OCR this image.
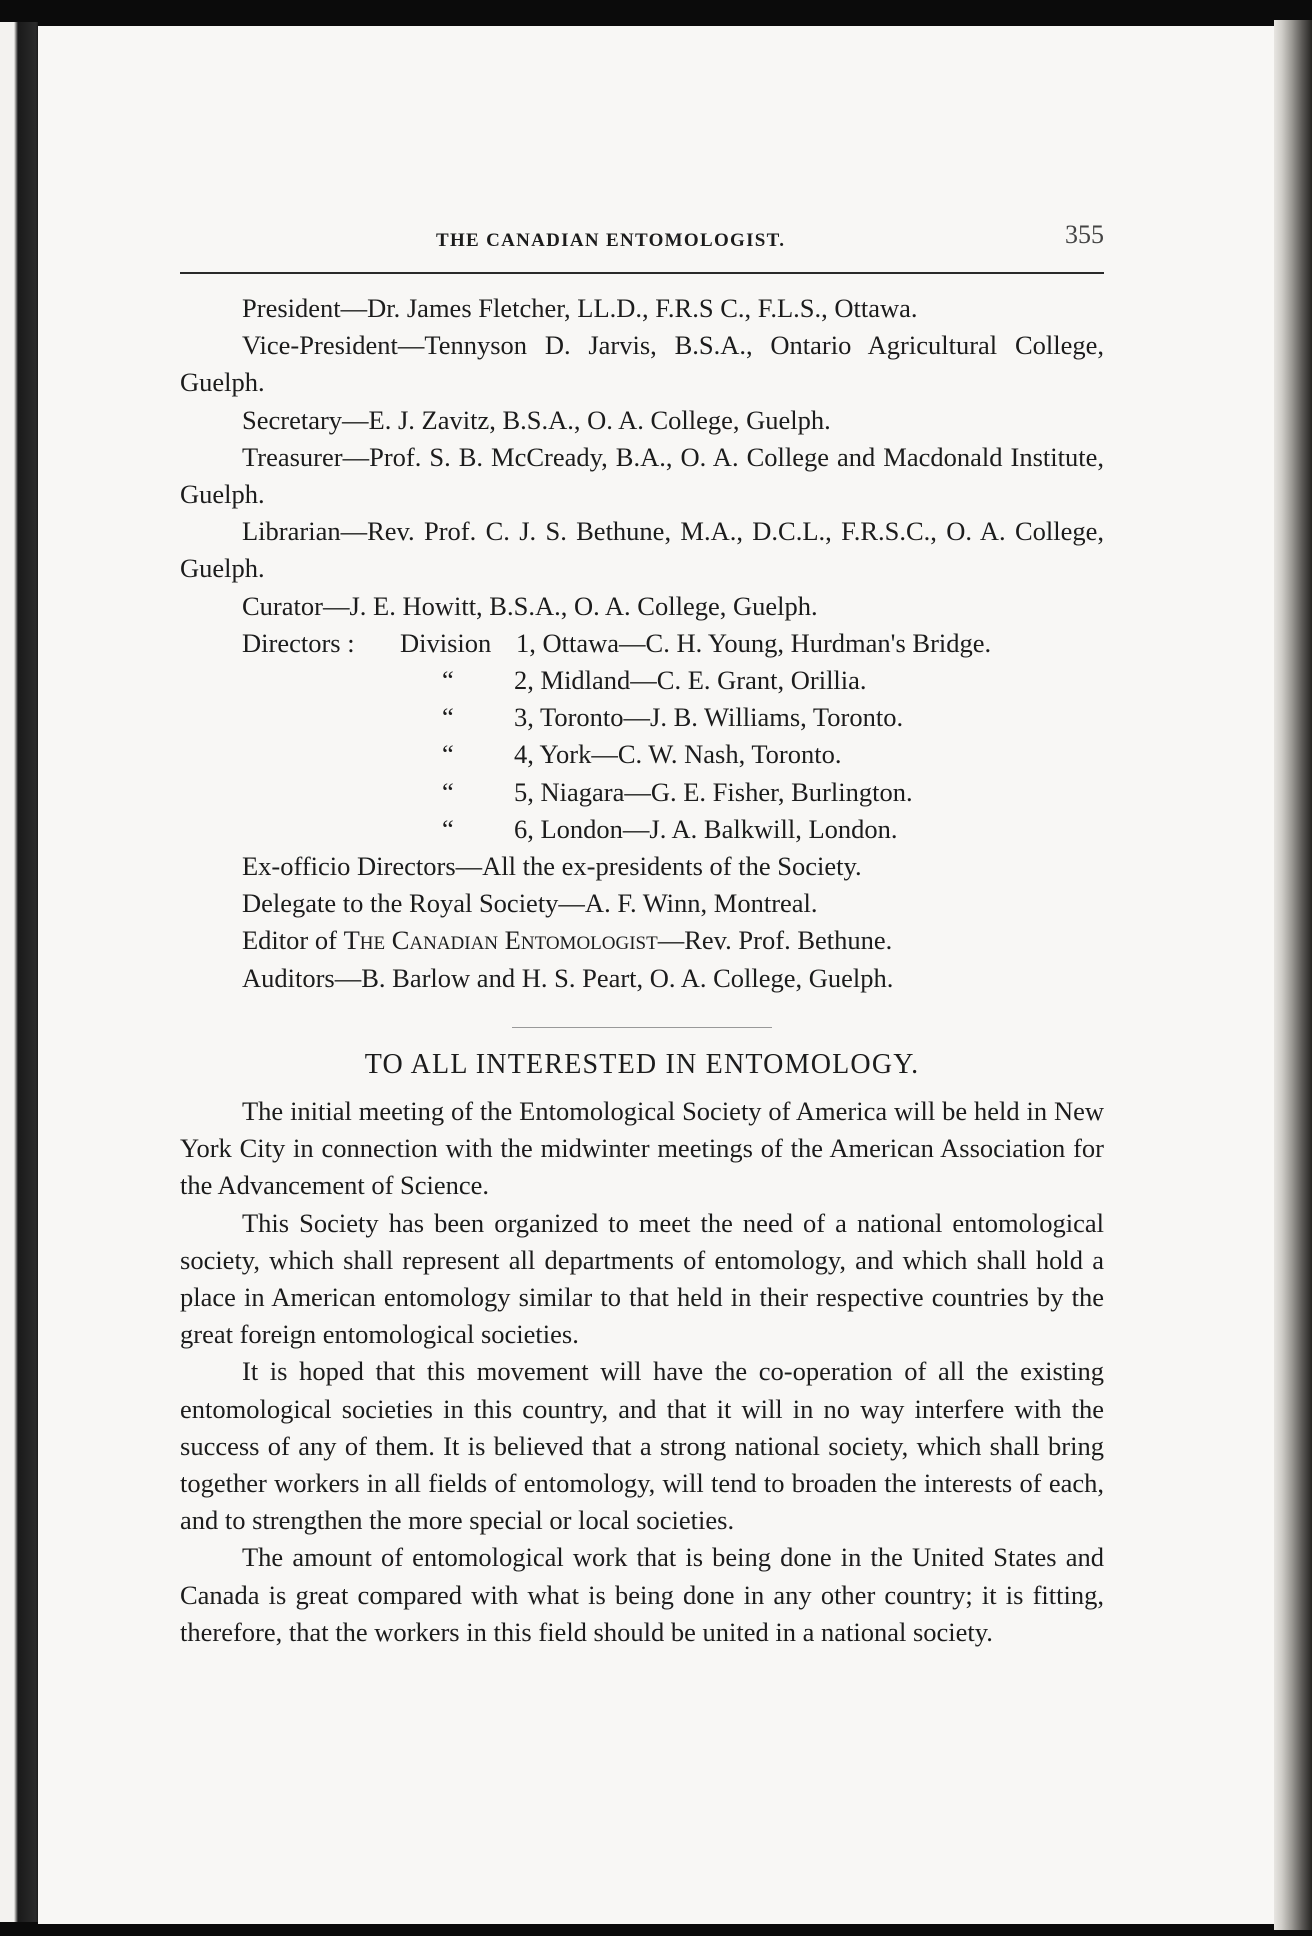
THE CANADIAN ENTOMOLOGIST.	355

President—Dr. James Fletcher, LL.D., F.R.S C., F.L.S., Ottawa.

Vice-President—Tennyson D. Jarvis, B.S.A., Ontario Agricultural College, Guelph.

Secretary—E. J. Zavitz, B.S.A., O. A. College, Guelph.

Treasurer—Prof. S. B. McCready, B.A., O. A. College and Macdonald Institute, Guelph.

Librarian—Rev. Prof. C. J. S. Bethune, M.A., D.C.L., F.R.S.C., O. A. College, Guelph.

Curator—J. E. Howitt, B.S.A., O. A. College, Guelph.

Directors :	Division 1, Ottawa—C. H. Young, Hurdman's Bridge.
“	2, Midland—C. E. Grant, Orillia.
“	3, Toronto—J. B. Williams, Toronto.
“	4, York—C. W. Nash, Toronto.
“	5, Niagara—G. E. Fisher, Burlington.
“	6, London—J. A. Balkwill, London.

Ex-officio Directors—All the ex-presidents of the Society.

Delegate to the Royal Society—A. F. Winn, Montreal.

Editor of The Canadian Entomologist—Rev. Prof. Bethune.

Auditors—B. Barlow and H. S. Peart, O. A. College, Guelph.

TO ALL INTERESTED IN ENTOMOLOGY.

The initial meeting of the Entomological Society of America will be held in New York City in connection with the midwinter meetings of the American Association for the Advancement of Science.

This Society has been organized to meet the need of a national entomological society, which shall represent all departments of entomology, and which shall hold a place in American entomology similar to that held in their respective countries by the great foreign entomological societies.

It is hoped that this movement will have the co-operation of all the existing entomological societies in this country, and that it will in no way interfere with the success of any of them. It is believed that a strong national society, which shall bring together workers in all fields of entomology, will tend to broaden the interests of each, and to strengthen the more special or local societies.

The amount of entomological work that is being done in the United States and Canada is great compared with what is being done in any other country; it is fitting, therefore, that the workers in this field should be united in a national society.
